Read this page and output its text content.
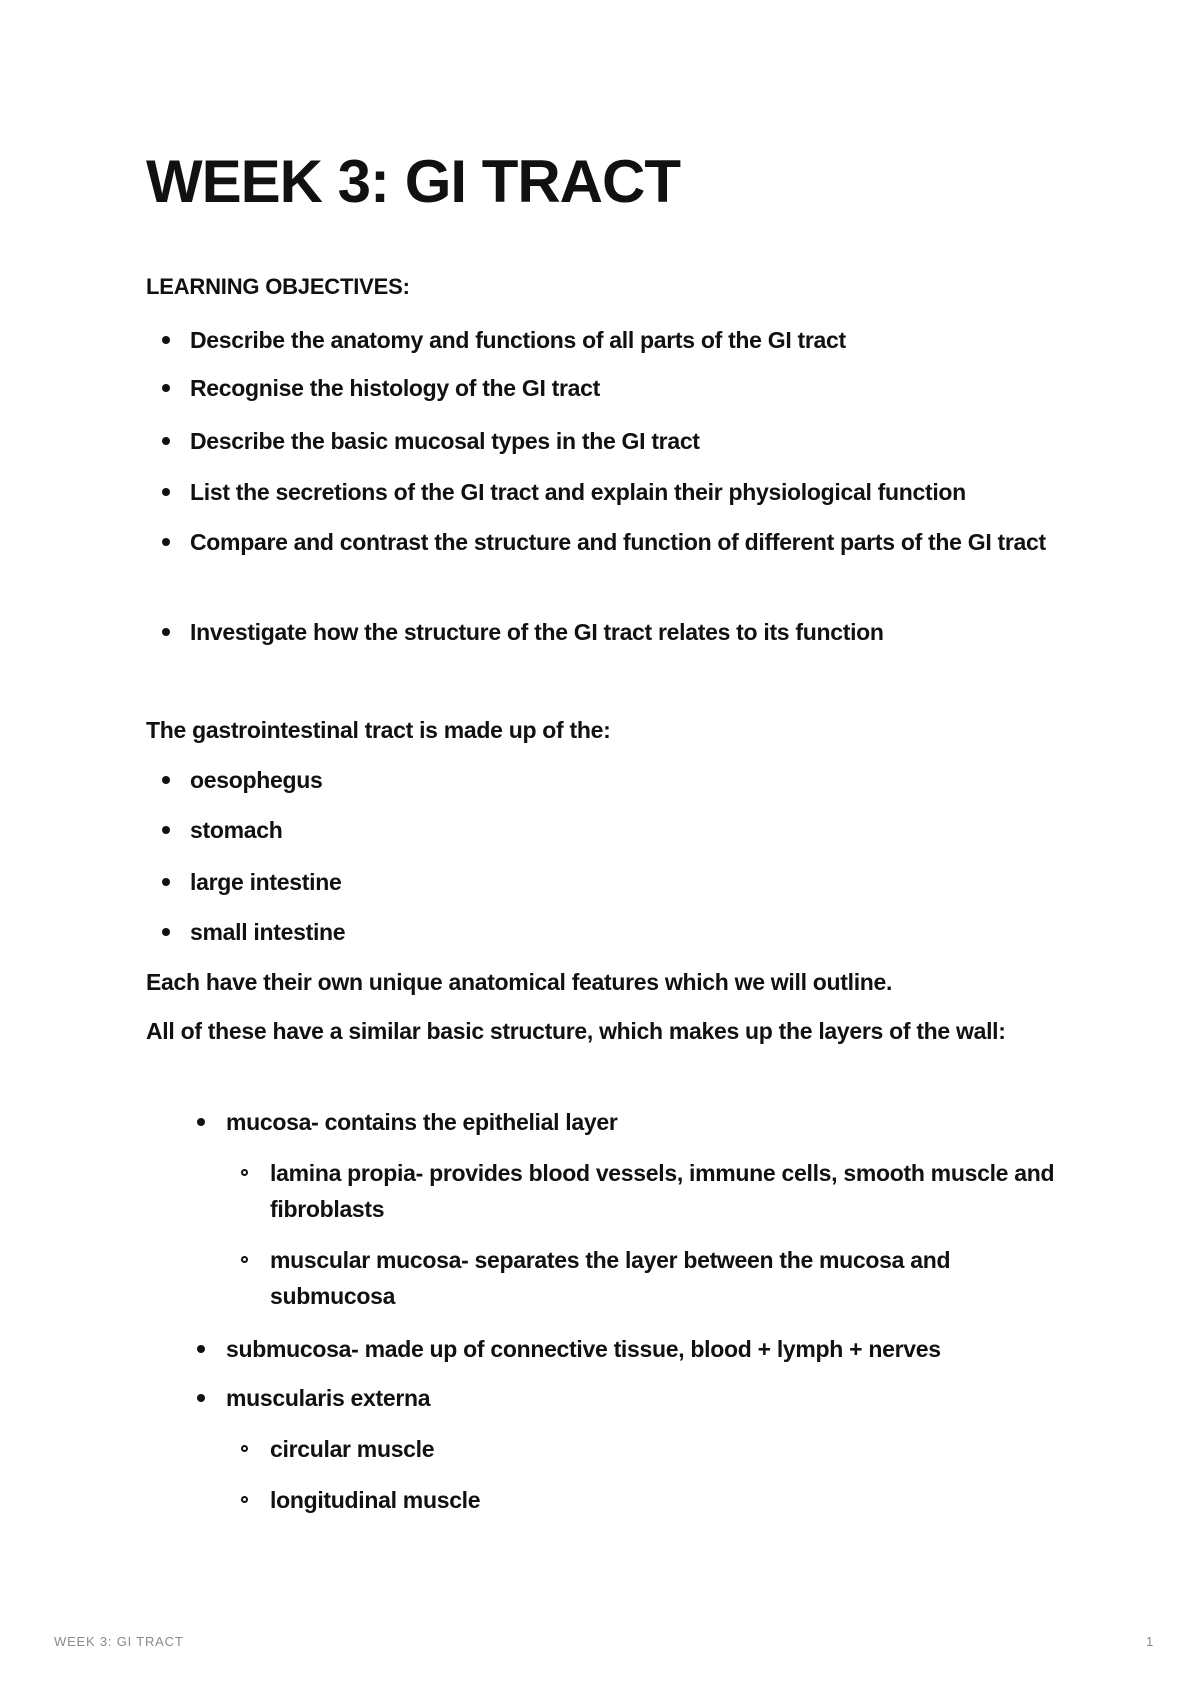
WEEK 3: GI TRACT
LEARNING OBJECTIVES:
Describe the anatomy and functions of all parts of the GI tract
Recognise the histology of the GI tract
Describe the basic mucosal types in the GI tract
List the secretions of the GI tract and explain their physiological function
Compare and contrast the structure and function of different parts of the GI tract
Investigate how the structure of the GI tract relates to its function

The gastrointestinal tract is made up of the:

oesophegus
stomach
large intestine
small intestine

Each have their own unique anatomical features which we will outline.

All of these have a similar basic structure, which makes up the layers of the wall:

mucosa- contains the epithelial layer
lamina propia- provides blood vessels, immune cells, smooth muscle and fibroblasts
muscular mucosa- separates the layer between the mucosa and submucosa
submucosa- made up of connective tissue, blood + lymph + nerves
muscularis externa
circular muscle
longitudinal muscle
WEEK 3: GI TRACT	1
